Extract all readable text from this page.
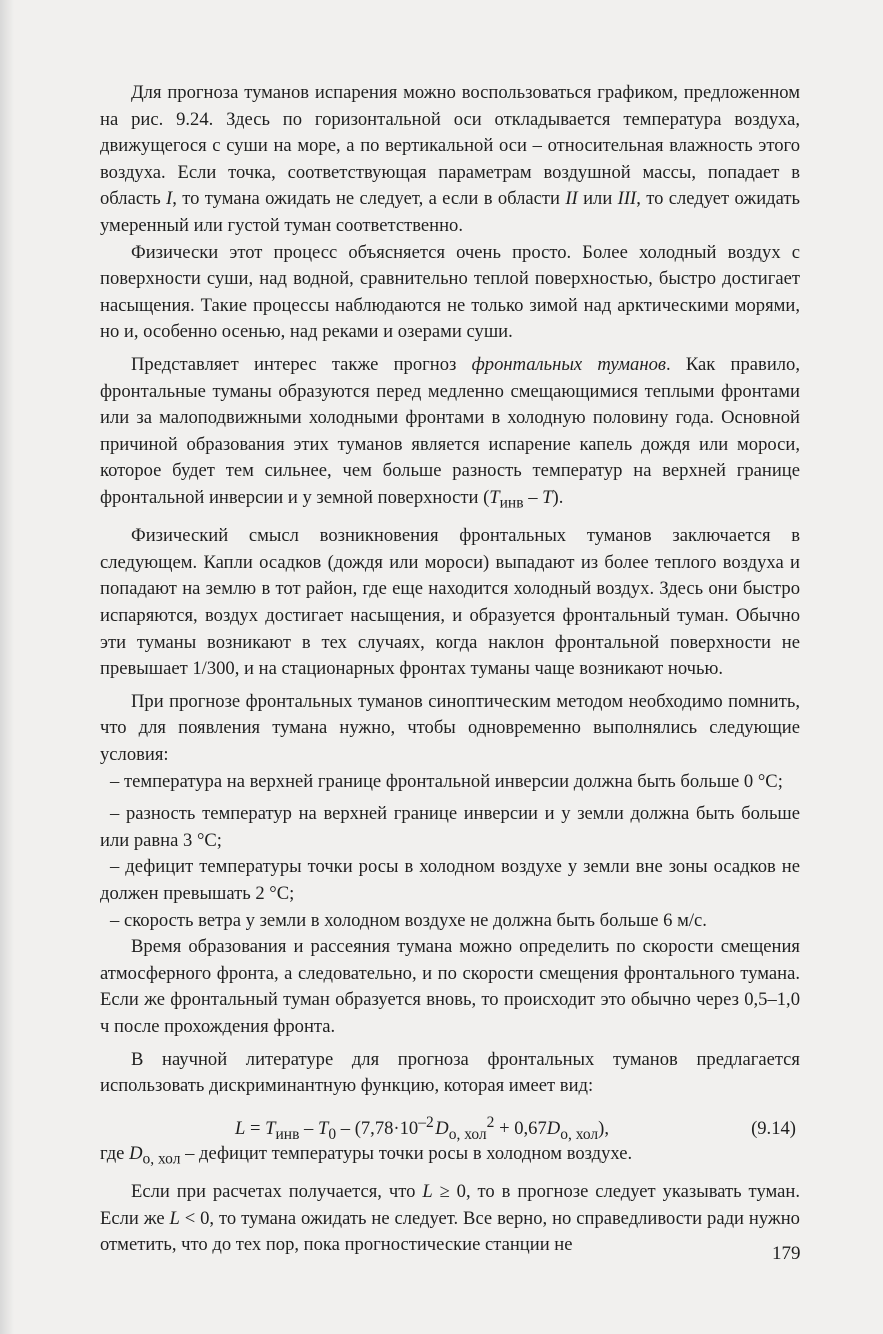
Для прогноза туманов испарения можно воспользоваться графиком, предложенном на рис. 9.24. Здесь по горизонтальной оси откладывается температура воздуха, движущегося с суши на море, а по вертикальной оси – относительная влажность этого воздуха. Если точка, соответствующая параметрам воздушной массы, попадает в область I, то тумана ожидать не следует, а если в области II или III, то следует ожидать умеренный или густой туман соответственно.

Физически этот процесс объясняется очень просто. Более холодный воздух с поверхности суши, над водной, сравнительно теплой поверхностью, быстро достигает насыщения. Такие процессы наблюдаются не только зимой над арктическими морями, но и, особенно осенью, над реками и озерами суши.

Представляет интерес также прогноз фронтальных туманов. Как правило, фронтальные туманы образуются перед медленно смещающимися теплыми фронтами или за малоподвижными холодными фронтами в холодную половину года. Основной причиной образования этих туманов является испарение капель дождя или мороси, которое будет тем сильнее, чем больше разность температур на верхней границе фронтальной инверсии и у земной поверхности $(T_{инв} - T)$.

Физический смысл возникновения фронтальных туманов заключается в следующем. Капли осадков (дождя или мороси) выпадают из более теплого воздуха и попадают на землю в тот район, где еще находится холодный воздух. Здесь они быстро испаряются, воздух достигает насыщения, и образуется фронтальный туман. Обычно эти туманы возникают в тех случаях, когда наклон фронтальной поверхности не превышает 1/300, и на стационарных фронтах туманы чаще возникают ночью.

При прогнозе фронтальных туманов синоптическим методом необходимо помнить, что для появления тумана нужно, чтобы одновременно выполнялись следующие условия:

– температура на верхней границе фронтальной инверсии должна быть больше 0 °С;

– разность температур на верхней границе инверсии и у земли должна быть больше или равна 3 °С;

– дефицит температуры точки росы в холодном воздухе у земли вне зоны осадков не должен превышать 2 °С;

– скорость ветра у земли в холодном воздухе не должна быть больше 6 м/с.

Время образования и рассеяния тумана можно определить по скорости смещения атмосферного фронта, а следовательно, и по скорости смещения фронтального тумана. Если же фронтальный туман образуется вновь, то происходит это обычно через 0,5–1,0 ч после прохождения фронта.

В научной литературе для прогноза фронтальных туманов предлагается использовать дискриминантную функцию, которая имеет вид:

$L = T_{инв} - T_0 - (7,78\cdot 10^{-2}$ $D_{о, хол}^2 + 0,67D_{о, хол}$),	(9.14)

где $D_{о, хол}$ – дефицит температуры точки росы в холодном воздухе.

Если при расчетах получается, что L ≥ 0, то в прогнозе следует указывать туман. Если же L < 0, то тумана ожидать не следует. Все верно, но справедливости ради нужно отметить, что до тех пор, пока прогностические станции не	179
